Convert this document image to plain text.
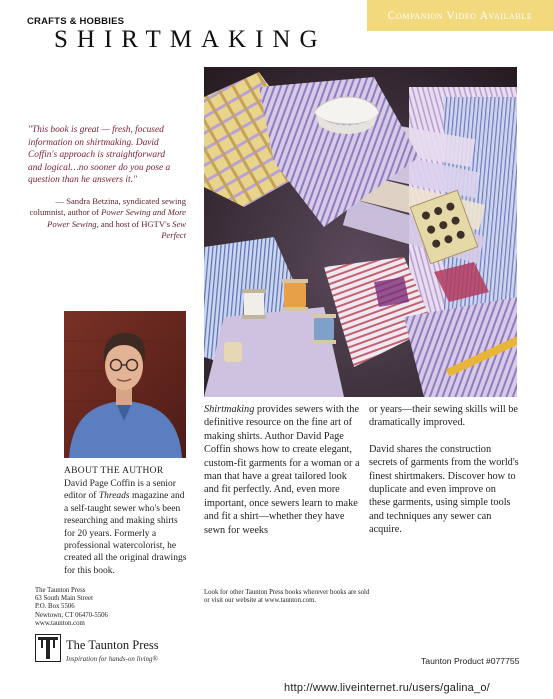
CRAFTS & HOBBIES
SHIRTMAKING
Companion Video Available
"This book is great — fresh, focused information on shirtmaking. David Coffin's approach is straightforward and logical…no sooner do you pose a question than he answers it."
— Sandra Betzina, syndicated sewing columnist, author of Power Sewing and More Power Sewing, and host of HGTV's Sew Perfect
ABOUT THE AUTHOR
David Page Coffin is a senior editor of Threads magazine and a self-taught sewer who's been researching and making shirts for 20 years. Formerly a professional watercolorist, he created all the original drawings for this book.
Shirtmaking provides sewers with the definitive resource on the fine art of making shirts. Author David Page Coffin shows how to create elegant, custom-fit garments for a woman or a man that have a great tailored look and fit perfectly. And, even more important, once sewers learn to make and fit a shirt—whether they have sewn for weeks

or years—their sewing skills will be dramatically improved.

David shares the construction secrets of garments from the world's finest shirtmakers. Discover how to duplicate and even improve on these garments, using simple tools and techniques any sewer can acquire.

The Taunton Press
63 South Main Street
P.O. Box 5506
Newtown, CT 06470-5506
www.taunton.com
Look for other Taunton Press books wherever books are sold or visit our website at www.taunton.com.
The Taunton Press
Inspiration for hands-on living®	Taunton Product #077755
http://www.liveinternet.ru/users/galina_o/
